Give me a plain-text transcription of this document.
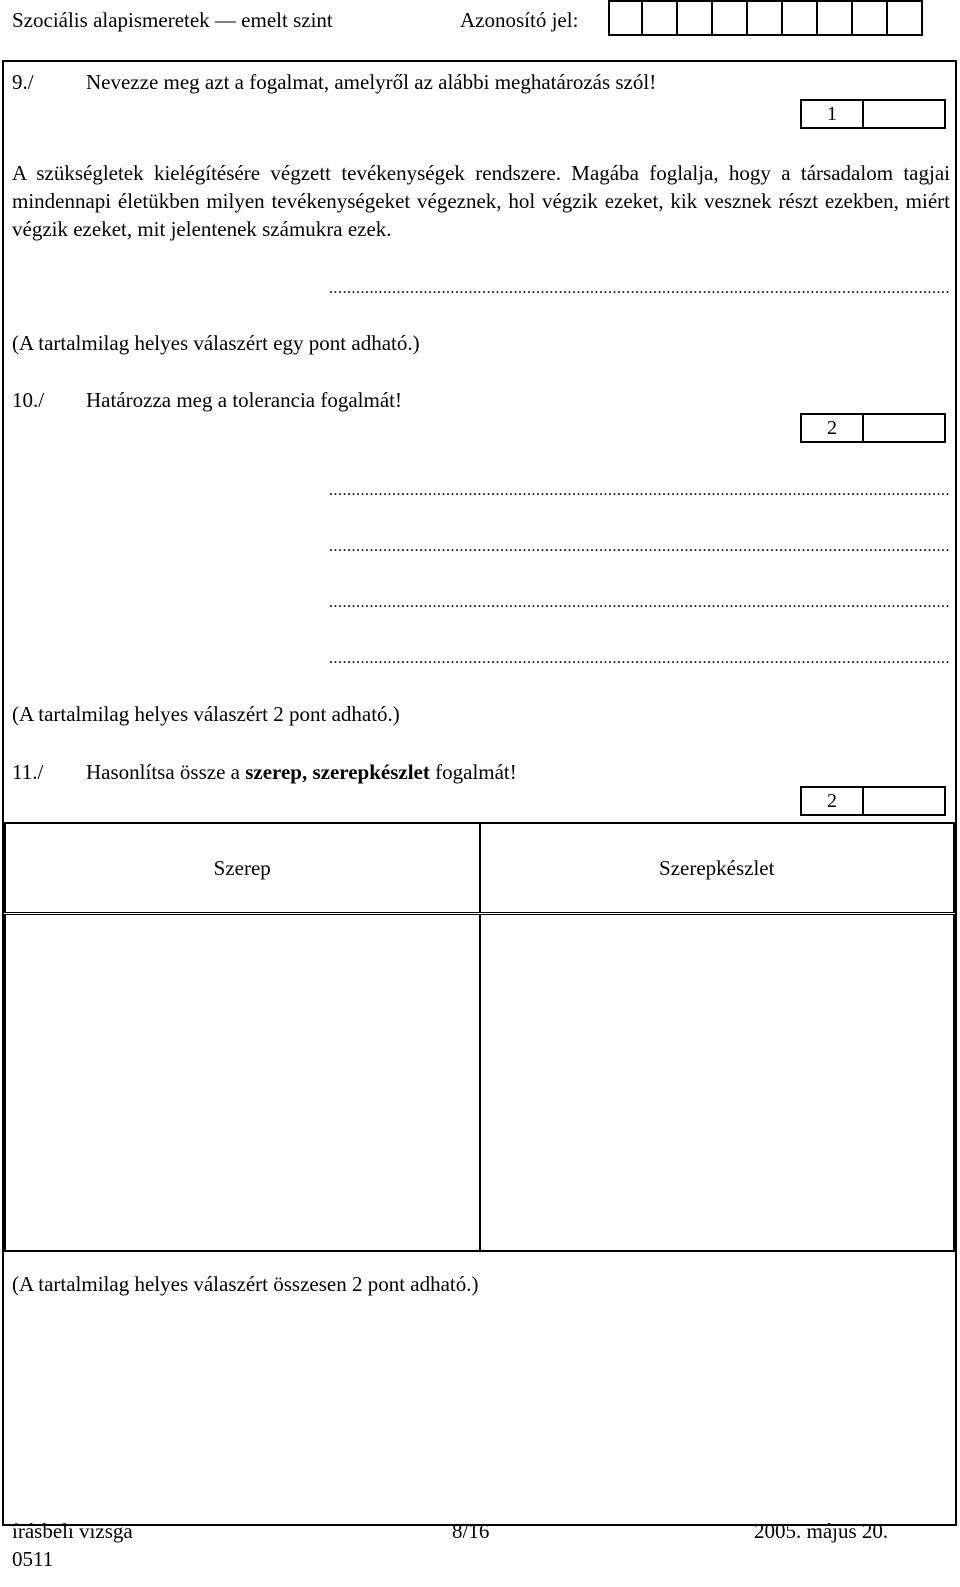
Szociális alapismeretek — emelt szint	Azonosító jel:
9./ Nevezze meg azt a fogalmat, amelyről az alábbi meghatározás szól!
1
A szükségletek kielégítésére végzett tevékenységek rendszere. Magába foglalja, hogy a társadalom tagjai mindennapi életükben milyen tevékenységeket végeznek, hol végzik ezeket, kik vesznek részt ezekben, miért végzik ezeket, mit jelentenek számukra ezek.
..........................................................................................................................................
(A tartalmilag helyes válaszért egy pont adható.)
10./ Határozza meg a tolerancia fogalmát!
2
..........................................................................................................................................
..........................................................................................................................................
..........................................................................................................................................
..........................................................................................................................................
(A tartalmilag helyes válaszért 2 pont adható.)
11./ Hasonlítsa össze a szerep, szerepkészlet fogalmát!
2
Szerep	Szerepkészlet

(A tartalmilag helyes válaszért összesen 2 pont adható.)
írásbeli vizsga
0511
8/16	2005. május 20.
